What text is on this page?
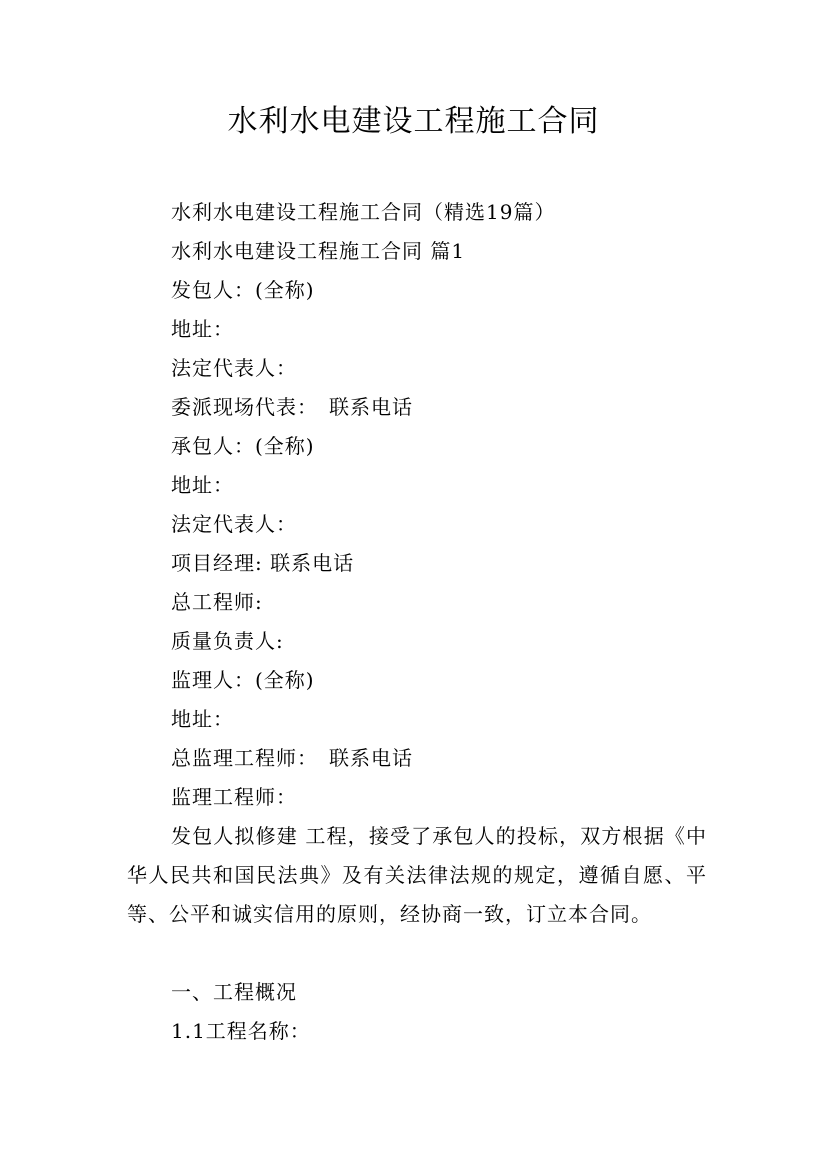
水利水电建设工程施工合同
水利水电建设工程施工合同（精选19篇）
水利水电建设工程施工合同 篇1
发包人：(全称)
地址：
法定代表人：
委派现场代表：　联系电话
承包人：(全称)
地址：
法定代表人：
项目经理: 联系电话
总工程师:
质量负责人:
监理人：(全称)
地址：
总监理工程师：　联系电话
监理工程师：
发包人拟修建 工程，接受了承包人的投标，双方根据《中华人民共和国民法典》及有关法律法规的规定，遵循自愿、平等、公平和诚实信用的原则，经协商一致，订立本合同。
一、工程概况
1.1工程名称：
